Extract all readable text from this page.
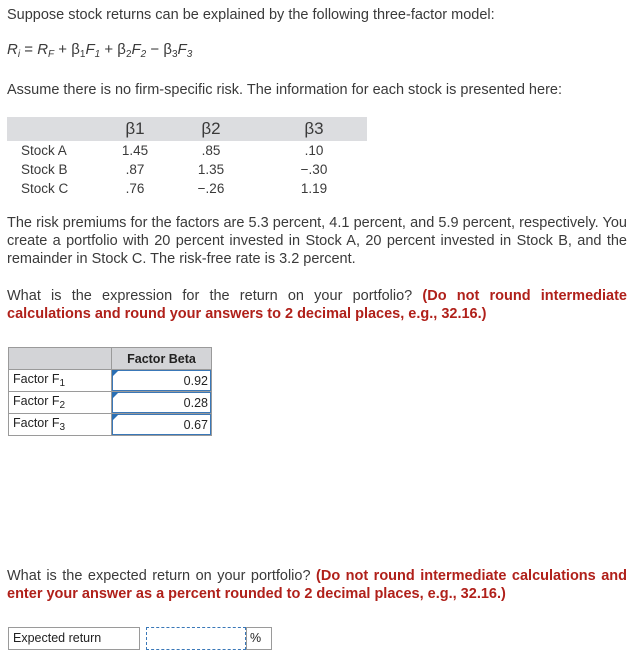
Suppose stock returns can be explained by the following three-factor model:

$R_i = R_F + \beta_1F_1 + \beta_2F_2 - \beta_3F_3$

Assume there is no firm-specific risk. The information for each stock is presented here:

	β1	β2	β3
Stock A	1.45	.85	.10
Stock B	.87	1.35	−.30
Stock C	.76	−.26	1.19

The risk premiums for the factors are 5.3 percent, 4.1 percent, and 5.9 percent, respectively. You create a portfolio with 20 percent invested in Stock A, 20 percent invested in Stock B, and the remainder in Stock C. The risk-free rate is 3.2 percent.

What is the expression for the return on your portfolio? (Do not round intermediate calculations and round your answers to 2 decimal places, e.g., 32.16.)

	Factor Beta
Factor $F_1$	0.92
Factor $F_2$	0.28
Factor $F_3$	0.67

What is the expected return on your portfolio? (Do not round intermediate calculations and enter your answer as a percent rounded to 2 decimal places, e.g., 32.16.)

Expected return	%
